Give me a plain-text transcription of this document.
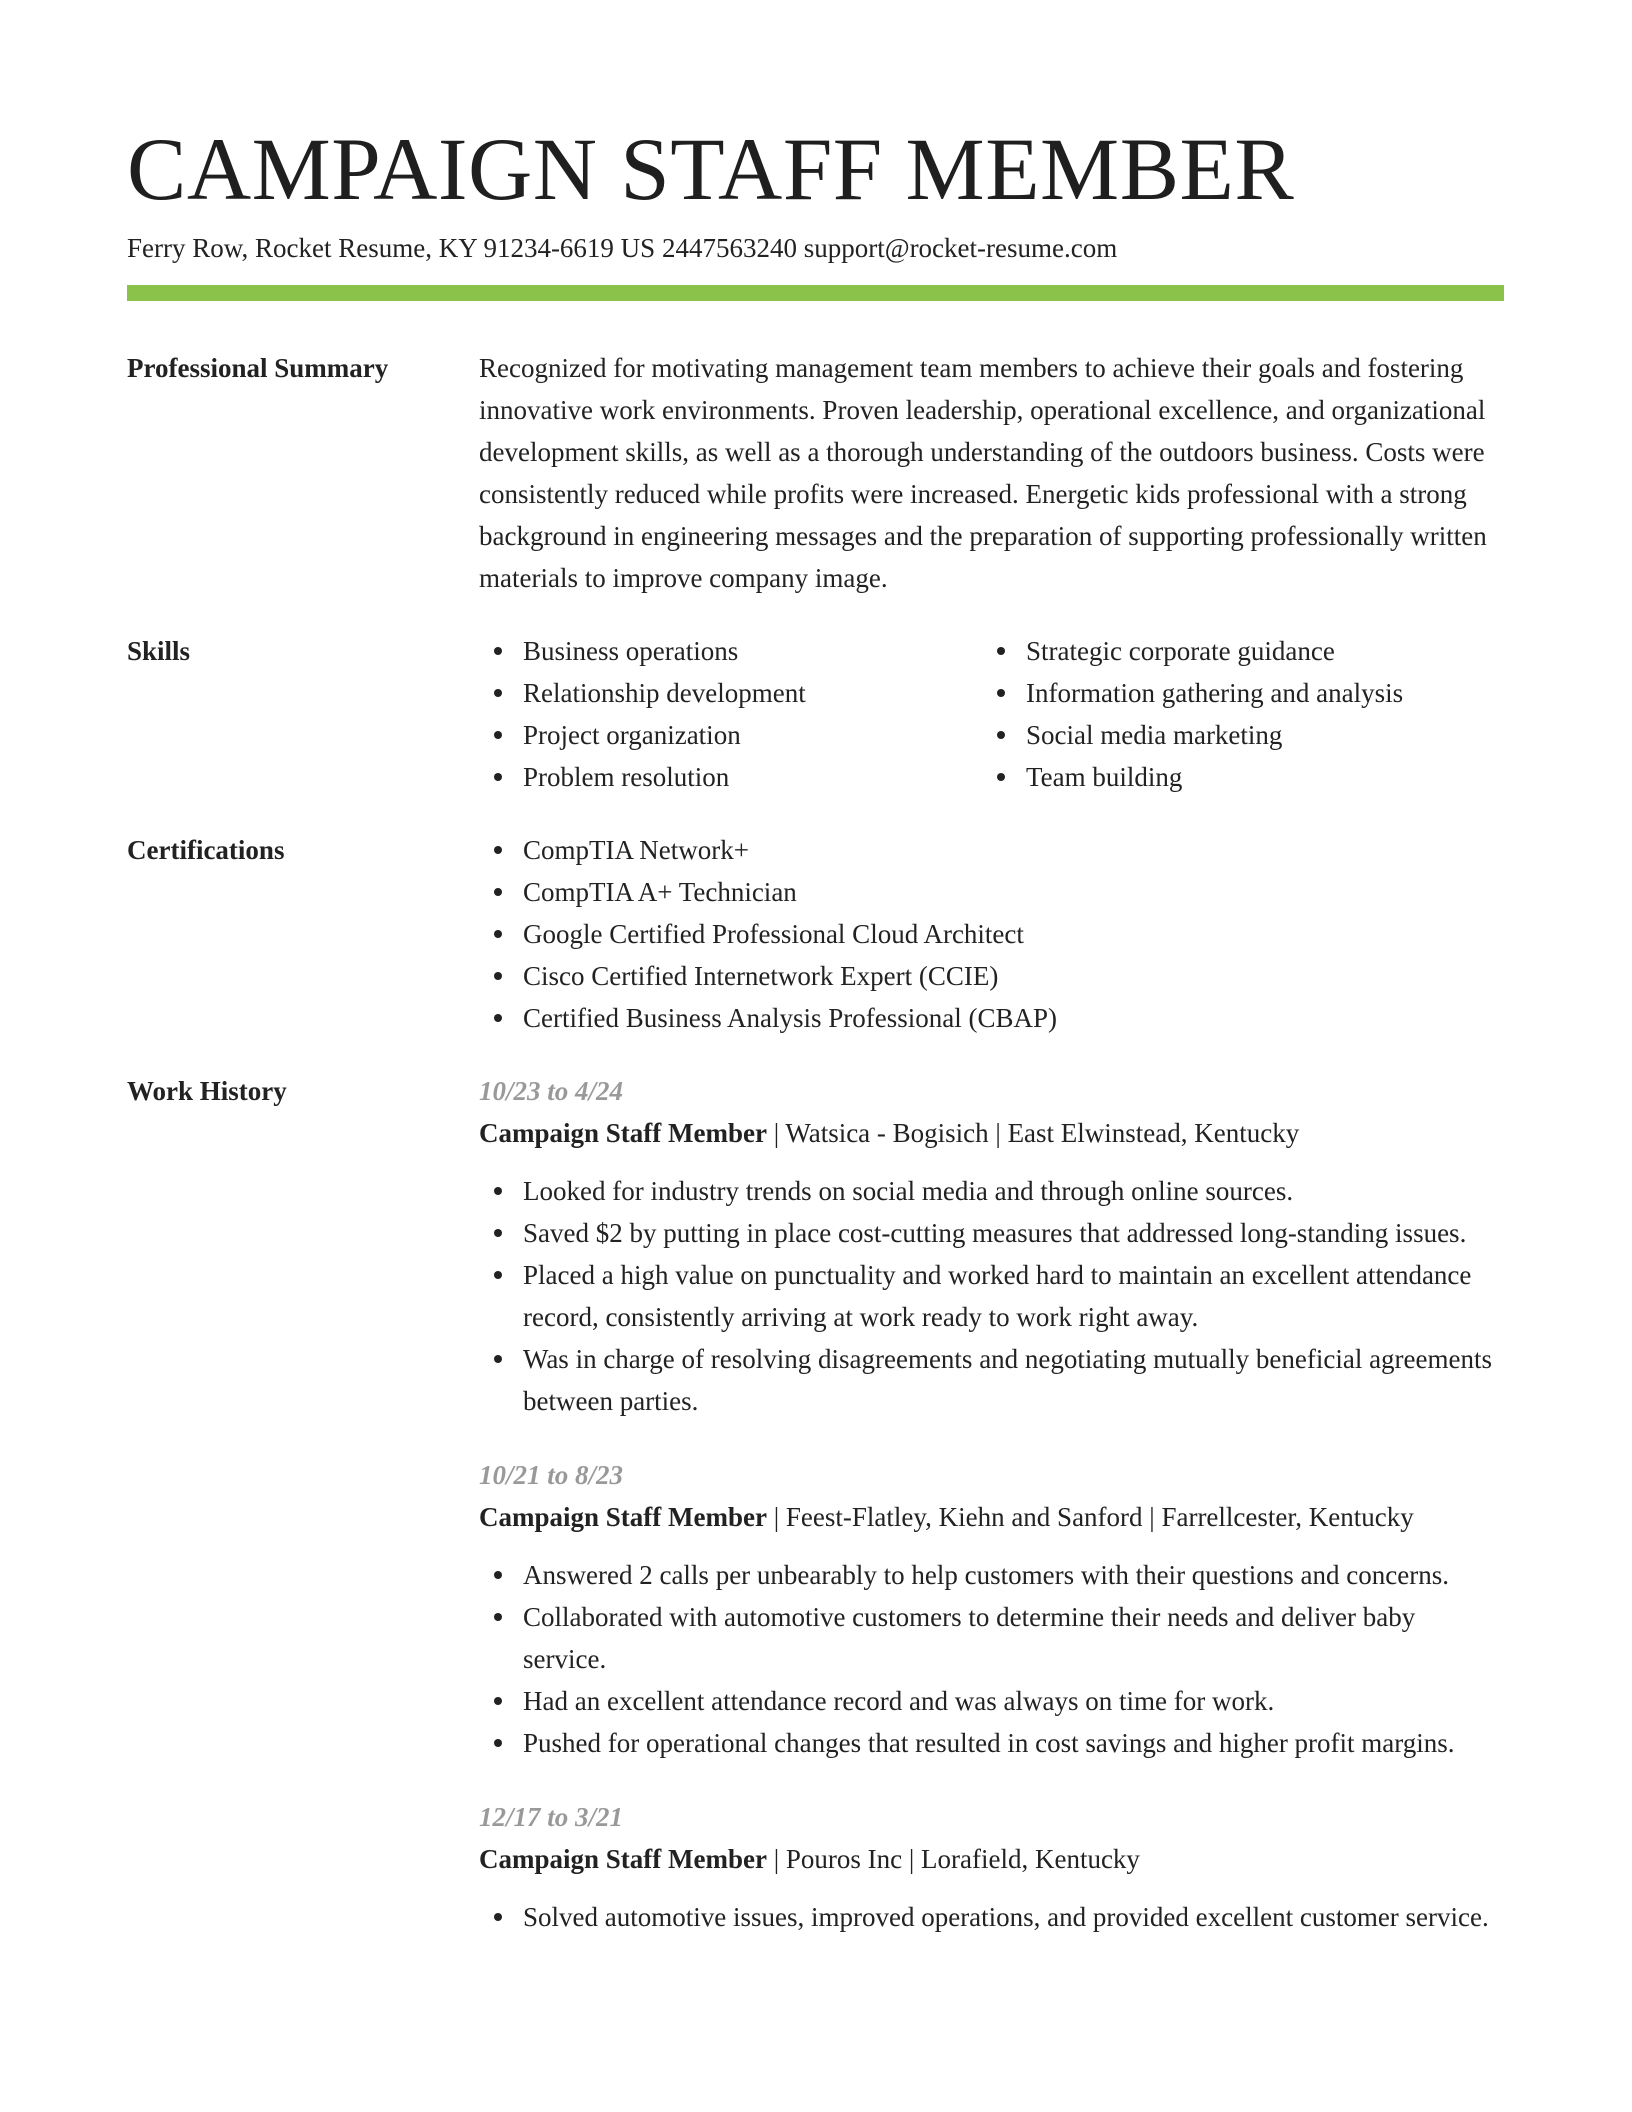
CAMPAIGN STAFF MEMBER
Ferry Row, Rocket Resume, KY 91234-6619 US 2447563240 support@rocket-resume.com
Professional Summary	Recognized for motivating management team members to achieve their goals and fostering innovative work environments. Proven leadership, operational excellence, and organizational development skills, as well as a thorough understanding of the outdoors business. Costs were consistently reduced while profits were increased. Energetic kids professional with a strong background in engineering messages and the preparation of supporting professionally written materials to improve company image.
Skills	Business operations
Relationship development
Project organization
Problem resolution
Strategic corporate guidance
Information gathering and analysis
Social media marketing
Team building
Certifications	CompTIA Network+
CompTIA A+ Technician
Google Certified Professional Cloud Architect
Cisco Certified Internetwork Expert (CCIE)
Certified Business Analysis Professional (CBAP)
Work History	10/23 to 4/24
Campaign Staff Member | Watsica - Bogisich | East Elwinstead, Kentucky
Looked for industry trends on social media and through online sources.
Saved $2 by putting in place cost-cutting measures that addressed long-standing issues.
Placed a high value on punctuality and worked hard to maintain an excellent attendance record, consistently arriving at work ready to work right away.
Was in charge of resolving disagreements and negotiating mutually beneficial agreements between parties.
10/21 to 8/23
Campaign Staff Member | Feest-Flatley, Kiehn and Sanford | Farrellcester, Kentucky
Answered 2 calls per unbearably to help customers with their questions and concerns.
Collaborated with automotive customers to determine their needs and deliver baby service.
Had an excellent attendance record and was always on time for work.
Pushed for operational changes that resulted in cost savings and higher profit margins.
12/17 to 3/21
Campaign Staff Member | Pouros Inc | Lorafield, Kentucky
Solved automotive issues, improved operations, and provided excellent customer service.
